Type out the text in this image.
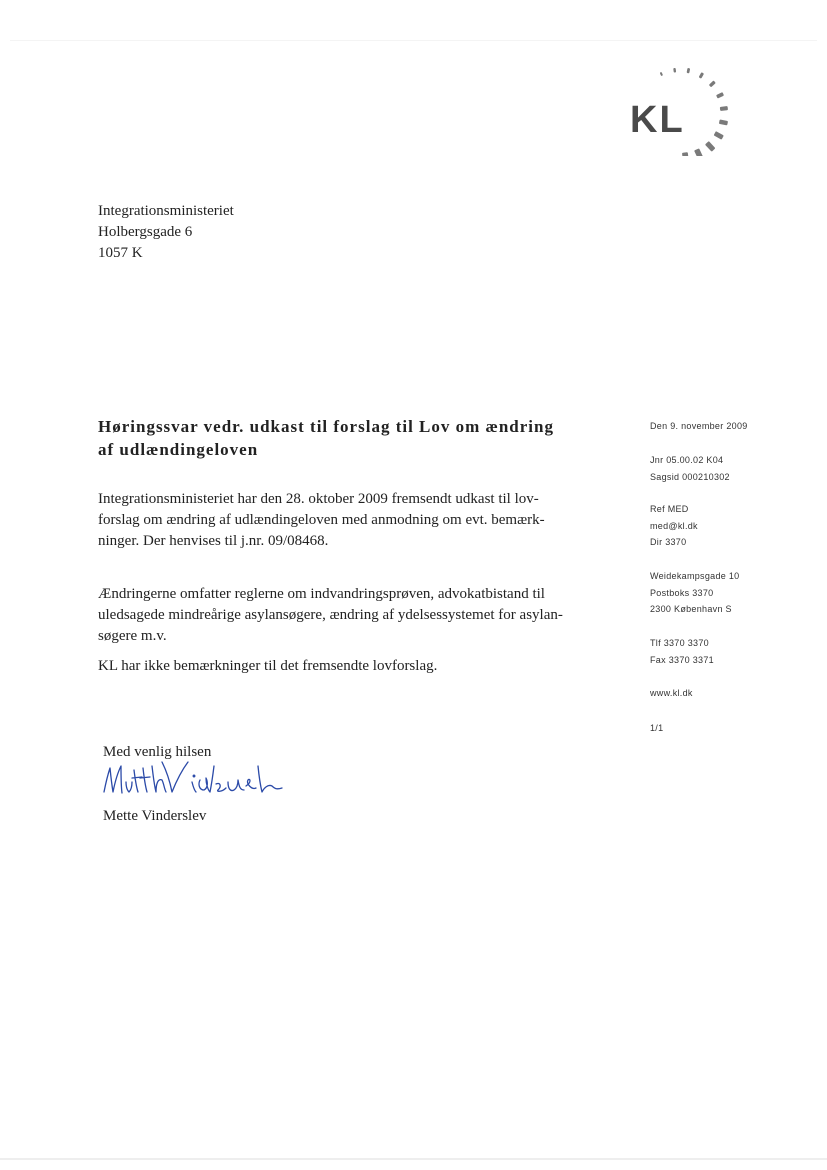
KL
Integrationsministeriet
Holbergsgade 6
1057 K
Høringssvar vedr. udkast til forslag til Lov om ændring
af udlændingeloven
Integrationsministeriet har den 28. oktober 2009 fremsendt udkast til lov-
forslag om ændring af udlændingeloven med anmodning om evt. bemærk-
ninger. Der henvises til j.nr. 09/08468.
Ændringerne omfatter reglerne om indvandringsprøven, advokatbistand til
uledsagede mindreårige asylansøgere, ændring af ydelsessystemet for asylan-
søgere m.v.
KL har ikke bemærkninger til det fremsendte lovforslag.
Med venlig hilsen
Mette Vinderslev
Den 9. november 2009
Jnr 05.00.02 K04
Sagsid 000210302
Ref MED
med@kl.dk
Dir 3370
Weidekampsgade 10
Postboks 3370
2300 København S
Tlf 3370 3370
Fax 3370 3371
www.kl.dk
1/1
